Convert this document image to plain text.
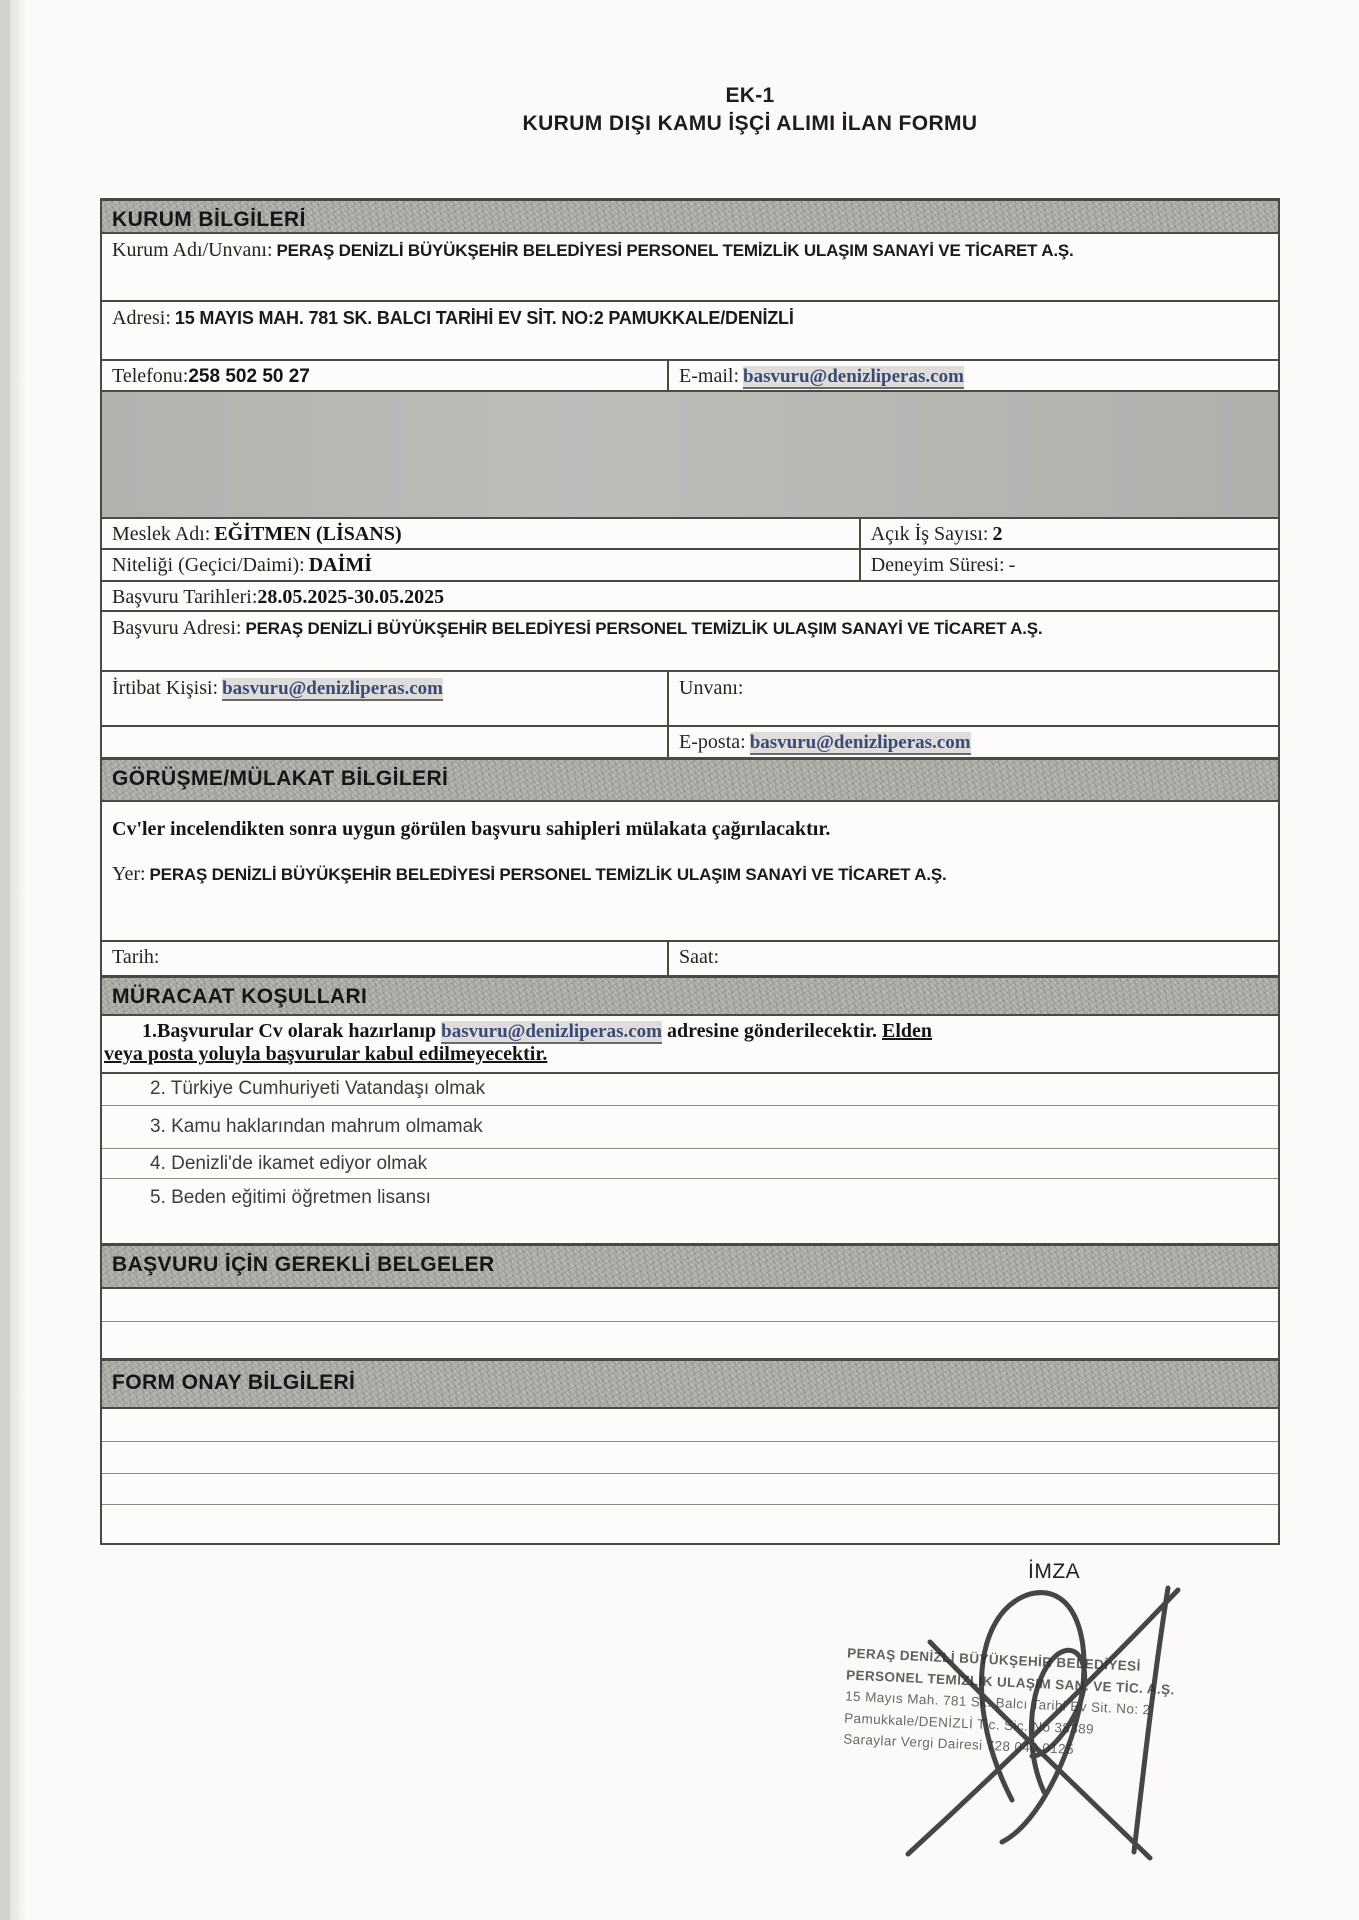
EK-1
KURUM DIŞI KAMU İŞÇİ ALIMI İLAN FORMU
KURUM BİLGİLERİ
Kurum Adı/Unvanı: PERAŞ DENİZLİ BÜYÜKŞEHİR BELEDİYESİ PERSONEL TEMİZLİK ULAŞIM SANAYİ VE TİCARET A.Ş.
Adresi: 15 MAYIS MAH. 781 SK. BALCI TARİHİ EV SİT. NO:2 PAMUKKALE/DENİZLİ
Telefonu:258 502 50 27	E-mail: basvuru@denizliperas.com
Meslek Adı: EĞİTMEN (LİSANS)	Açık İş Sayısı: 2
Niteliği (Geçici/Daimi): DAİMİ	Deneyim Süresi: -
Başvuru Tarihleri:28.05.2025-30.05.2025
Başvuru Adresi: PERAŞ DENİZLİ BÜYÜKŞEHİR BELEDİYESİ PERSONEL TEMİZLİK ULAŞIM SANAYİ VE TİCARET A.Ş.
İrtibat Kişisi: basvuru@denizliperas.com	Unvanı:
E-posta: basvuru@denizliperas.com
GÖRÜŞME/MÜLAKAT BİLGİLERİ
Cv'ler incelendikten sonra uygun görülen başvuru sahipleri mülakata çağırılacaktır.
Yer: PERAŞ DENİZLİ BÜYÜKŞEHİR BELEDİYESİ PERSONEL TEMİZLİK ULAŞIM SANAYİ VE TİCARET A.Ş.
Tarih:	Saat:
MÜRACAAT KOŞULLARI
1.Başvurular Cv olarak hazırlanıp basvuru@denizliperas.com adresine gönderilecektir. Elden
veya posta yoluyla başvurular kabul edilmeyecektir.
2. Türkiye Cumhuriyeti Vatandaşı olmak
3. Kamu haklarından mahrum olmamak
4. Denizli'de ikamet ediyor olmak
5. Beden eğitimi öğretmen lisansı
BAŞVURU İÇİN GEREKLİ BELGELER
FORM ONAY BİLGİLERİ
İMZA
PERAŞ DENİZLİ BÜYÜKŞEHİR BELEDİYESİ
PERSONEL TEMİZLİK ULAŞIM SAN. VE TİC. A.Ş.
15 Mayıs Mah. 781 Sk. Balcı Tarihi Ev Sit. No: 2
Pamukkale/DENİZLİ Tic. Sic. No 38389
Saraylar Vergi Dairesi 728 040 0125
